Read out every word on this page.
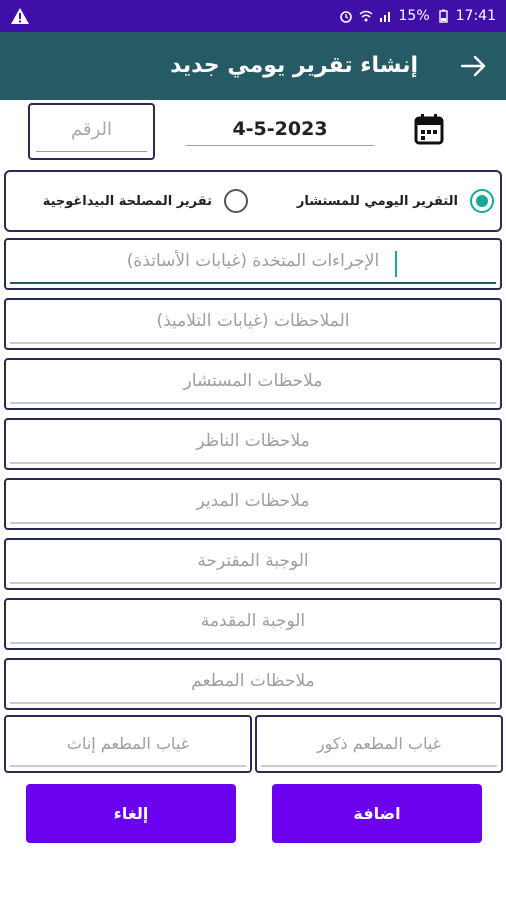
15% 17:41
إنشاء تقرير يومي جديد
الرقم	4-5-2023
التقرير اليومي للمستشار
تقرير المصلحة البيداغوجية
الإجراءات المتخدة (غيابات الأساتذة)
الملاحظات (غيابات التلاميذ)
ملاحظات المستشار
ملاحظات الناظر
ملاحظات المدير
الوجبة المقترحة
الوجبة المقدمة
ملاحظات المطعم
غياب المطعم إناث	غياب المطعم ذكور
إلغاء	اضافة
